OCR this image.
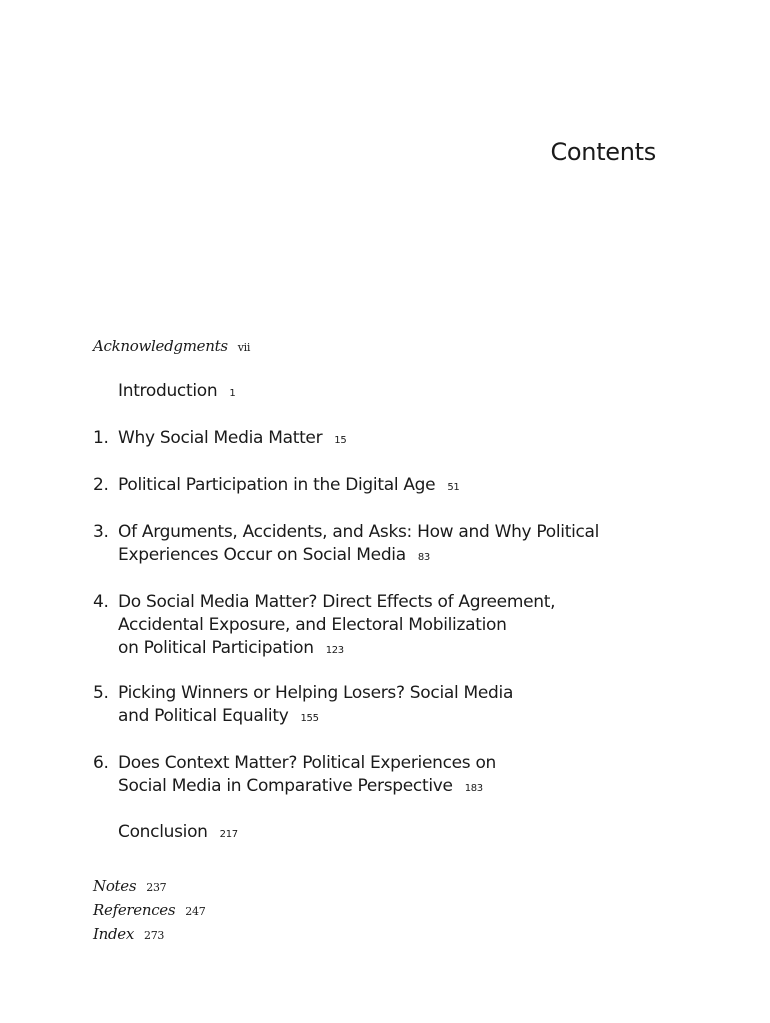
Contents
Acknowledgments vii
Introduction 1
1. Why Social Media Matter 15
2. Political Participation in the Digital Age 51
3. Of Arguments, Accidents, and Asks: How and Why Political
Experiences Occur on Social Media 83
4. Do Social Media Matter? Direct Effects of Agreement,
Accidental Exposure, and Electoral Mobilization
on Political Participation 123
5. Picking Winners or Helping Losers? Social Media
and Political Equality 155
6. Does Context Matter? Political Experiences on
Social Media in Comparative Perspective 183
Conclusion 217
Notes 237
References 247
Index 273
